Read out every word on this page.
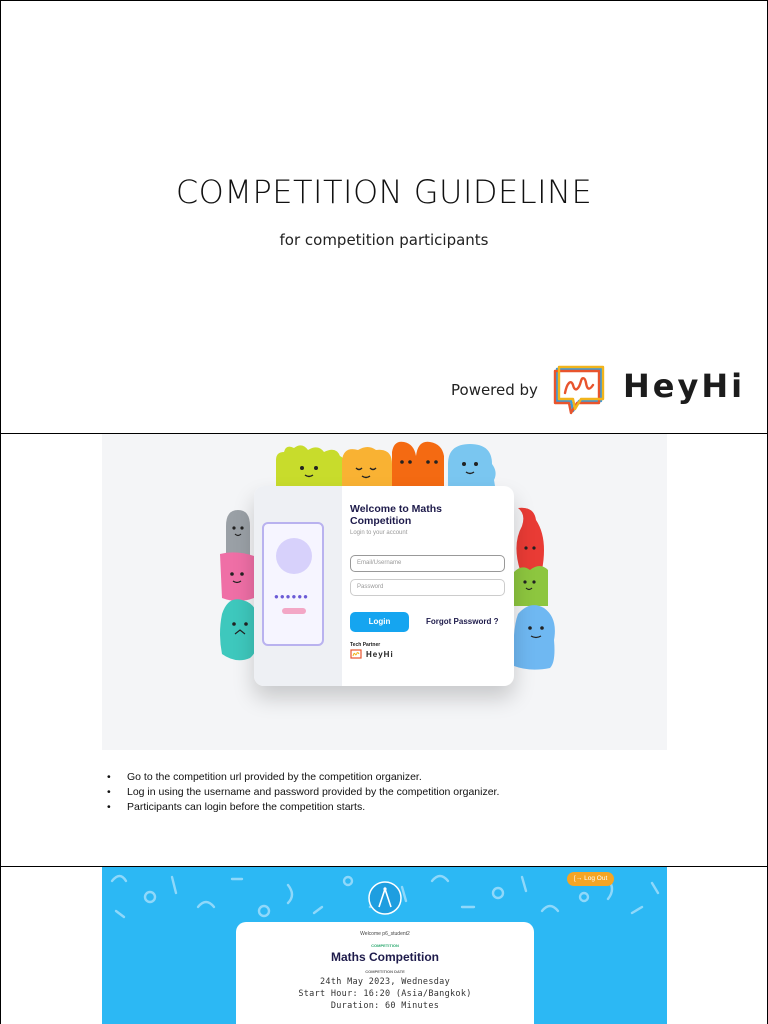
COMPETITION GUIDELINE
for competition participants
Powered by	HeyHi
●●●●●●
Welcome to Maths Competition
Login to your account
Email/Username
Password
Login	Forgot Password ?
Tech Partner
HeyHi
• Go to the competition url provided by the competition organizer.
• Log in using the username and password provided by the competition organizer.
• Participants can login before the competition starts.
[→ Log Out
Welcome p6_student2
COMPETITION
Maths Competition
COMPETITION DATE
24th May 2023, Wednesday
Start Hour: 16:20 (Asia/Bangkok)
Duration: 60 Minutes
